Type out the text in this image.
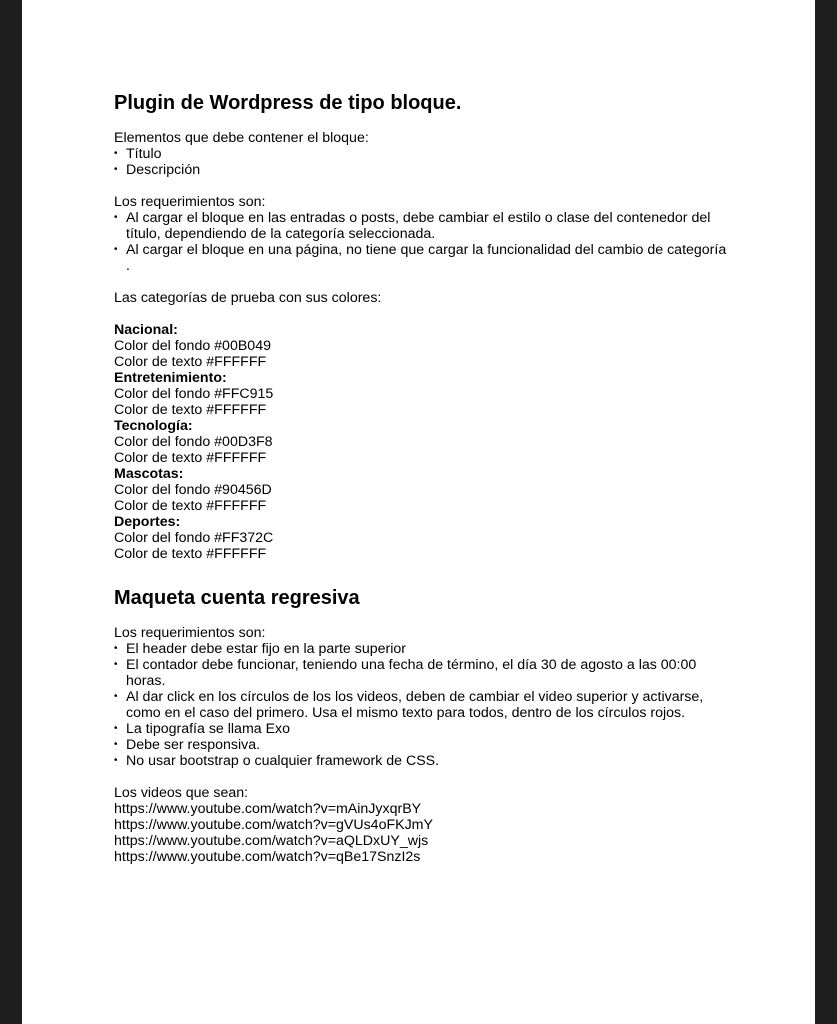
Plugin de Wordpress de tipo bloque.

Elementos que debe contener el bloque:

• Título
• Descripción

Los requerimientos son:

• Al cargar el bloque en las entradas o posts, debe cambiar el estilo o clase del contenedor del título, dependiendo de la categoría seleccionada.
• Al cargar el bloque en una página, no tiene que cargar la funcionalidad del cambio de categoría .

Las categorías de prueba con sus colores:

Nacional:

Color del fondo #00B049

Color de texto #FFFFFF

Entretenimiento:

Color del fondo #FFC915

Color de texto #FFFFFF

Tecnología:

Color del fondo #00D3F8

Color de texto #FFFFFF

Mascotas:

Color del fondo #90456D

Color de texto #FFFFFF

Deportes:

Color del fondo #FF372C

Color de texto #FFFFFF

Maqueta cuenta regresiva

Los requerimientos son:

• El header debe estar fijo en la parte superior
• El contador debe funcionar, teniendo una fecha de término, el día 30 de agosto a las 00:00 horas.
• Al dar click en los círculos de los los videos, deben de cambiar el video superior y activarse, como en el caso del primero. Usa el mismo texto para todos, dentro de los círculos rojos.
• La tipografía se llama Exo
• Debe ser responsiva.
• No usar bootstrap o cualquier framework de CSS.

Los videos que sean:

https://www.youtube.com/watch?v=mAinJyxqrBY

https://www.youtube.com/watch?v=gVUs4oFKJmY

https://www.youtube.com/watch?v=aQLDxUY_wjs

https://www.youtube.com/watch?v=qBe17SnzI2s
